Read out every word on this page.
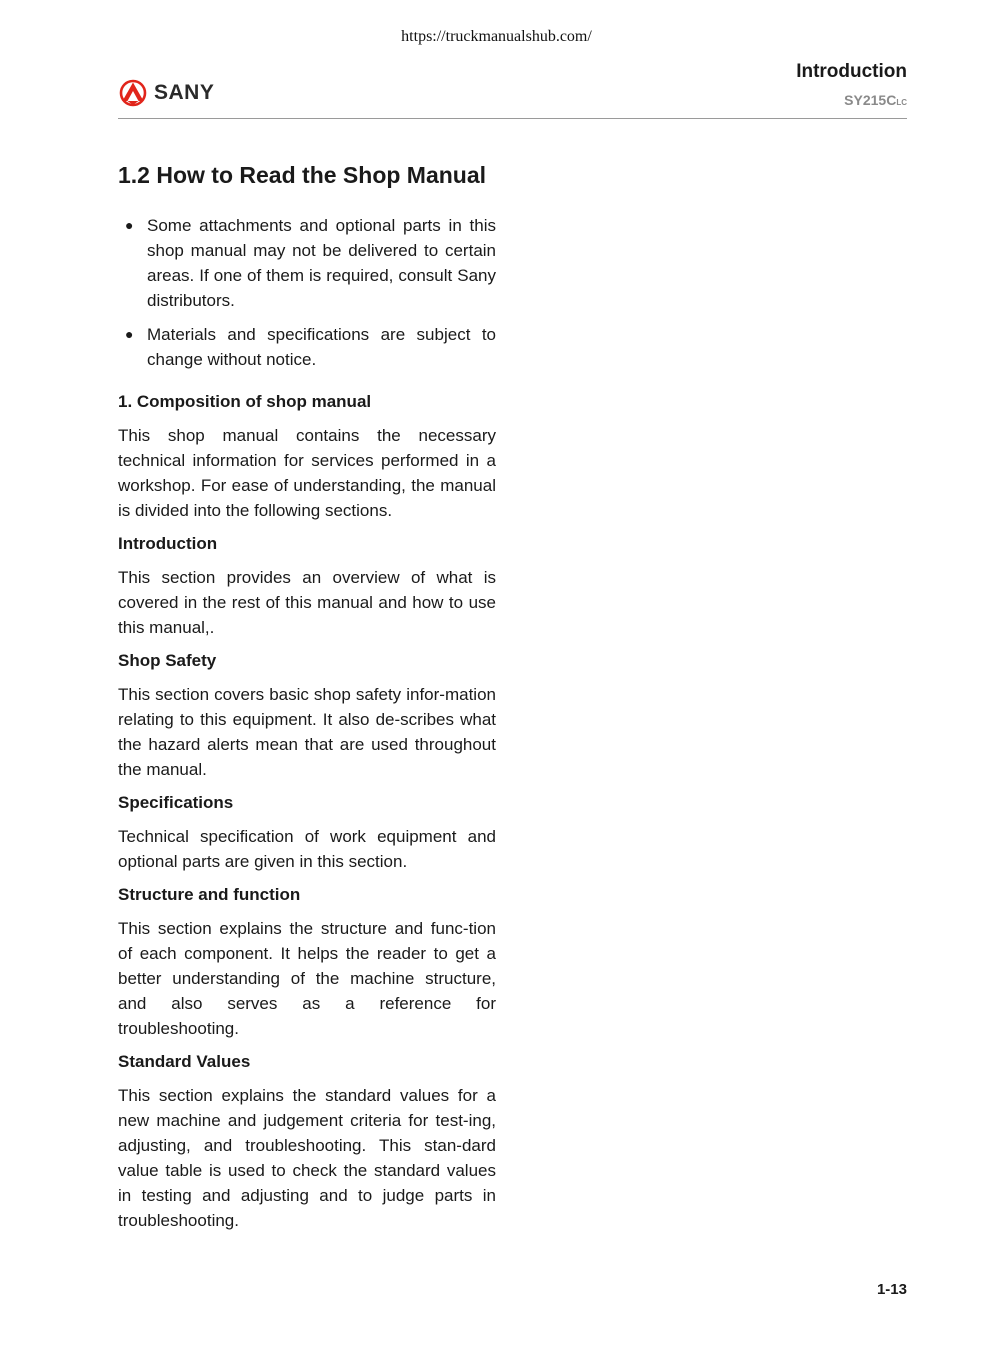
https://truckmanualshub.com/
SANY
Introduction
SY215CLC
1.2 How to Read the Shop Manual
● Some attachments and optional parts in this shop manual may not be delivered to certain areas. If one of them is required, consult Sany distributors.
● Materials and specifications are subject to change without notice.
1. Composition of shop manual

This shop manual contains the necessary technical information for services performed in a workshop. For ease of understanding, the manual is divided into the following sections.

Introduction

This section provides an overview of what is covered in the rest of this manual and how to use this manual,.

Shop Safety

This section covers basic shop safety infor-mation relating to this equipment. It also de-scribes what the hazard alerts mean that are used throughout the manual.

Specifications

Technical specification of work equipment and optional parts are given in this section.

Structure and function

This section explains the structure and func-tion of each component. It helps the reader to get a better understanding of the machine structure, and also serves as a reference for troubleshooting.

Standard Values

This section explains the standard values for a new machine and judgement criteria for test-ing, adjusting, and troubleshooting. This stan-dard value table is used to check the standard values in testing and adjusting and to judge parts in troubleshooting.

1-13
